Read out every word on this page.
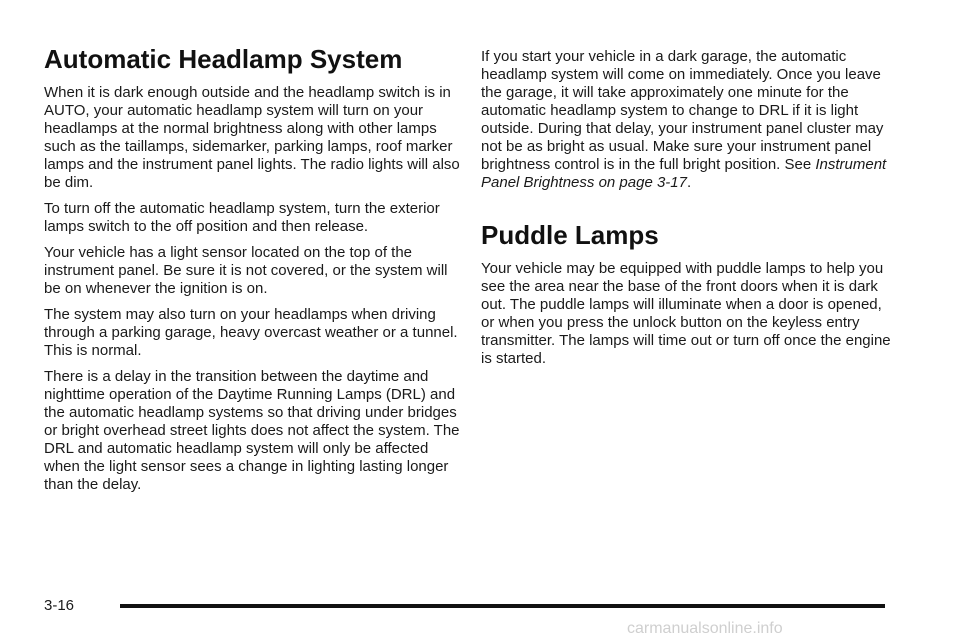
Automatic Headlamp System

When it is dark enough outside and the headlamp switch is in AUTO, your automatic headlamp system will turn on your headlamps at the normal brightness along with other lamps such as the taillamps, sidemarker, parking lamps, roof marker lamps and the instrument panel lights. The radio lights will also be dim.

To turn off the automatic headlamp system, turn the exterior lamps switch to the off position and then release.

Your vehicle has a light sensor located on the top of the instrument panel. Be sure it is not covered, or the system will be on whenever the ignition is on.

The system may also turn on your headlamps when driving through a parking garage, heavy overcast weather or a tunnel. This is normal.

There is a delay in the transition between the daytime and nighttime operation of the Daytime Running Lamps (DRL) and the automatic headlamp systems so that driving under bridges or bright overhead street lights does not affect the system. The DRL and automatic headlamp system will only be affected when the light sensor sees a change in lighting lasting longer than the delay.

If you start your vehicle in a dark garage, the automatic headlamp system will come on immediately. Once you leave the garage, it will take approximately one minute for the automatic headlamp system to change to DRL if it is light outside. During that delay, your instrument panel cluster may not be as bright as usual. Make sure your instrument panel brightness control is in the full bright position. See Instrument Panel Brightness on page 3-17.

Puddle Lamps

Your vehicle may be equipped with puddle lamps to help you see the area near the base of the front doors when it is dark out. The puddle lamps will illuminate when a door is opened, or when you press the unlock button on the keyless entry transmitter. The lamps will time out or turn off once the engine is started.

3-16
carmanualsonline.info
